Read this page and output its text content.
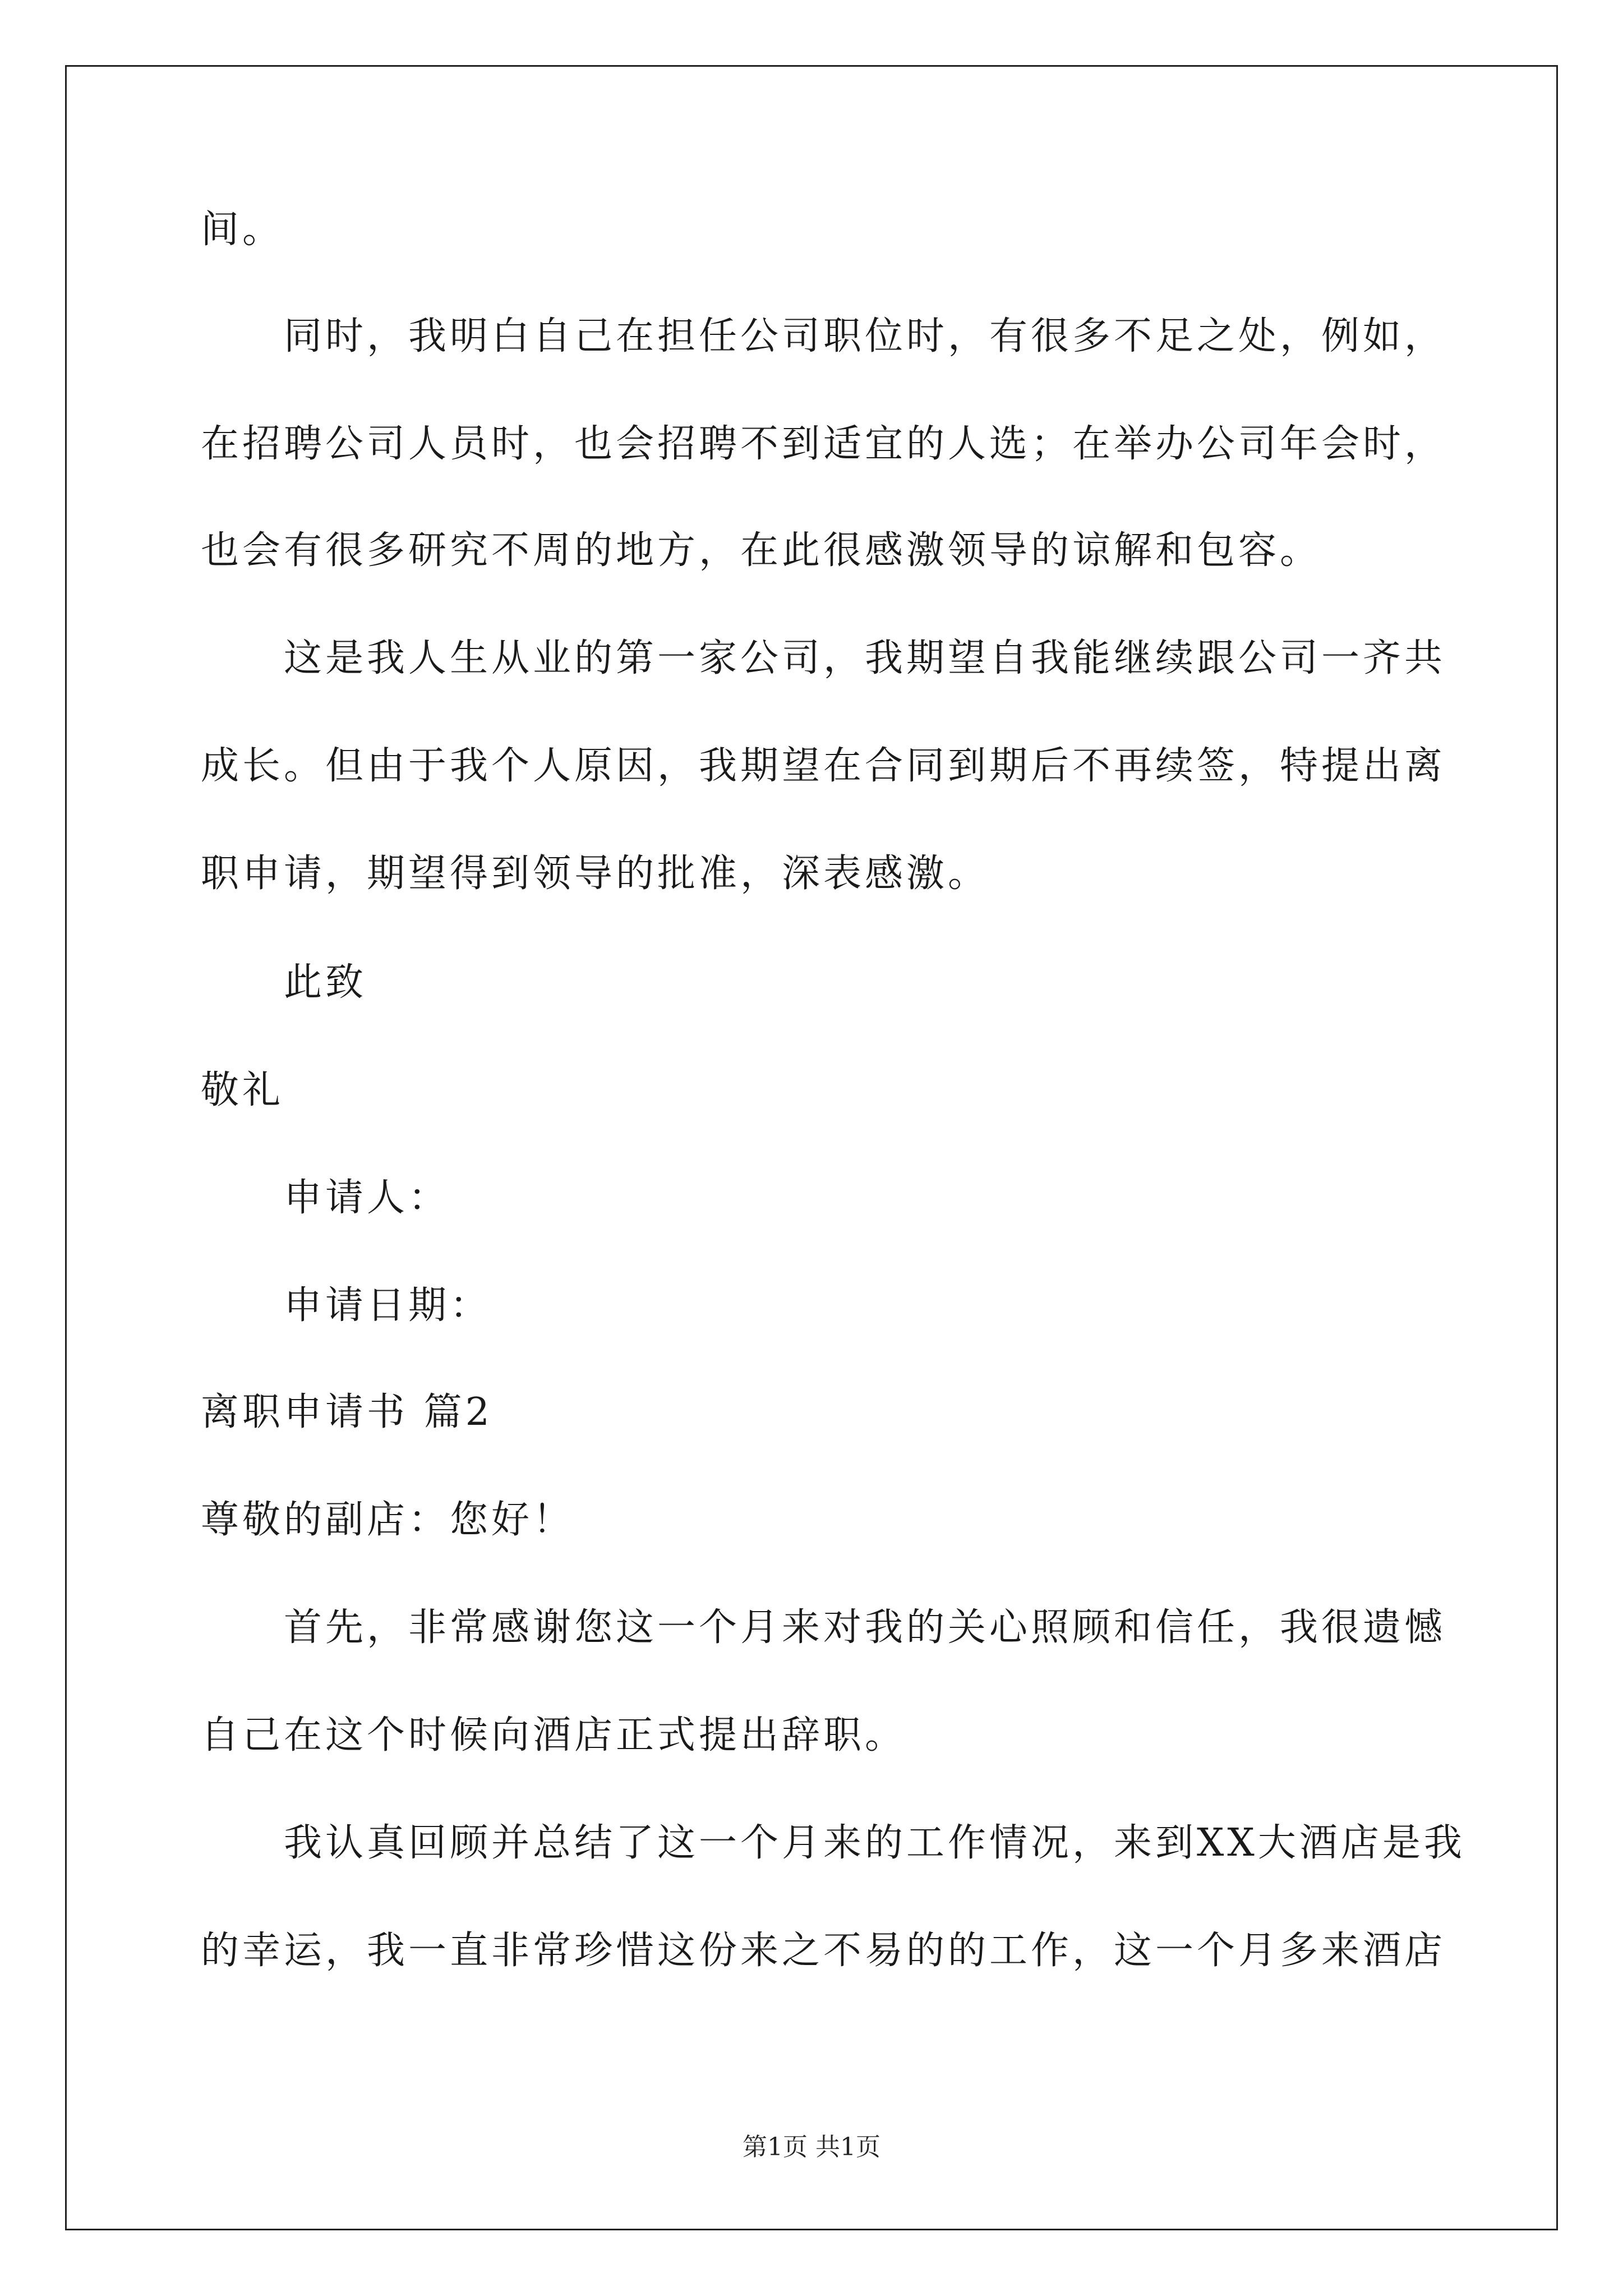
间。
同时，我明白自己在担任公司职位时，有很多不足之处，例如，
在招聘公司人员时，也会招聘不到适宜的人选；在举办公司年会时，
也会有很多研究不周的地方，在此很感激领导的谅解和包容。
这是我人生从业的第一家公司，我期望自我能继续跟公司一齐共
成长。但由于我个人原因，我期望在合同到期后不再续签，特提出离
职申请，期望得到领导的批准，深表感激。
此致
敬礼
申请人：
申请日期：
离职申请书 篇2
尊敬的副店：您好！
首先，非常感谢您这一个月来对我的关心照顾和信任，我很遗憾
自己在这个时候向酒店正式提出辞职。
我认真回顾并总结了这一个月来的工作情况，来到XX大酒店是我
的幸运，我一直非常珍惜这份来之不易的的工作，这一个月多来酒店
第1页 共1页
